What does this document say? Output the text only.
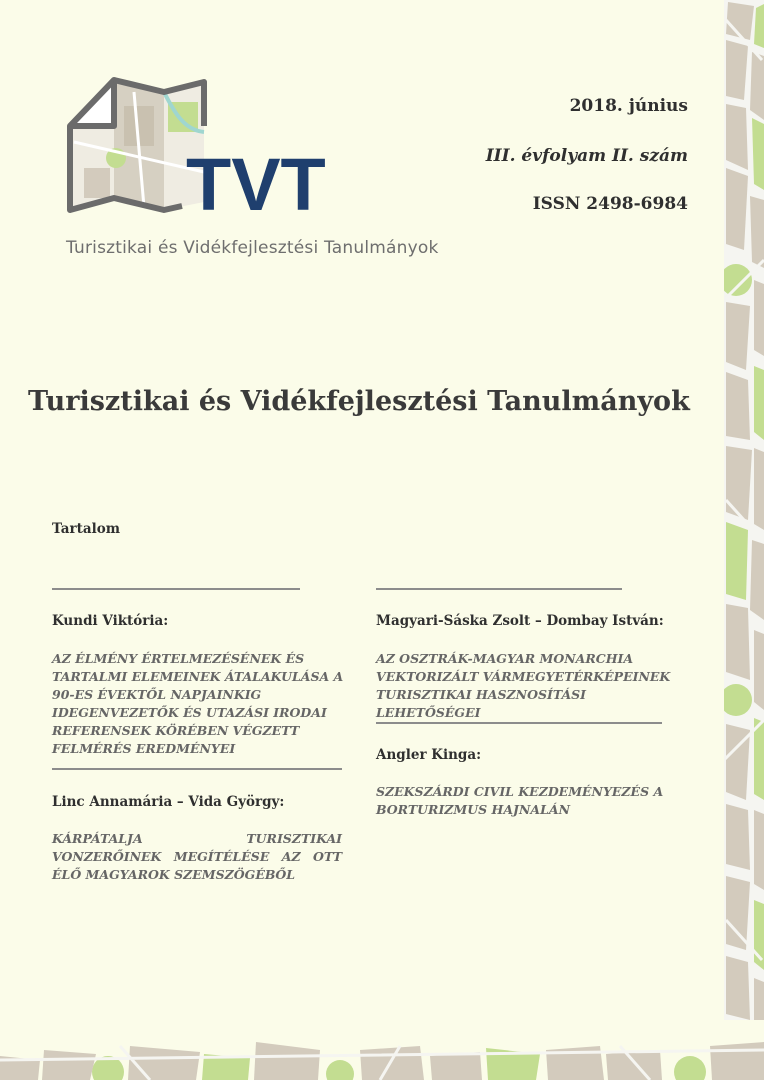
TVT
Turisztikai és Vidékfejlesztési Tanulmányok
2018. június
III. évfolyam II. szám
ISSN 2498-6984
Turisztikai és Vidékfejlesztési Tanulmányok
Tartalom
Kundi Viktória:
AZ ÉLMÉNY ÉRTELMEZÉSÉNEK ÉS
TARTALMI ELEMEINEK ÁTALAKULÁSA A
90-ES ÉVEKTŐL NAPJAINKIG
IDEGENVEZETŐK ÉS UTAZÁSI IRODAI
REFERENSEK KÖRÉBEN VÉGZETT
FELMÉRÉS EREDMÉNYEI
Linc Annamária – Vida György:

KÁRPÁTALJA TURISZTIKAI VONZERŐINEK MEGÍTÉLÉSE AZ OTT ÉLŐ MAGYAROK SZEMSZÖGÉBŐL

Magyari-Sáska Zsolt – Dombay István:
AZ OSZTRÁK-MAGYAR MONARCHIA
VEKTORIZÁLT VÁRMEGYETÉRKÉPEINEK
TURISZTIKAI HASZNOSÍTÁSI
LEHETŐSÉGEI
Angler Kinga:
SZEKSZÁRDI CIVIL KEZDEMÉNYEZÉS A
BORTURIZMUS HAJNALÁN
